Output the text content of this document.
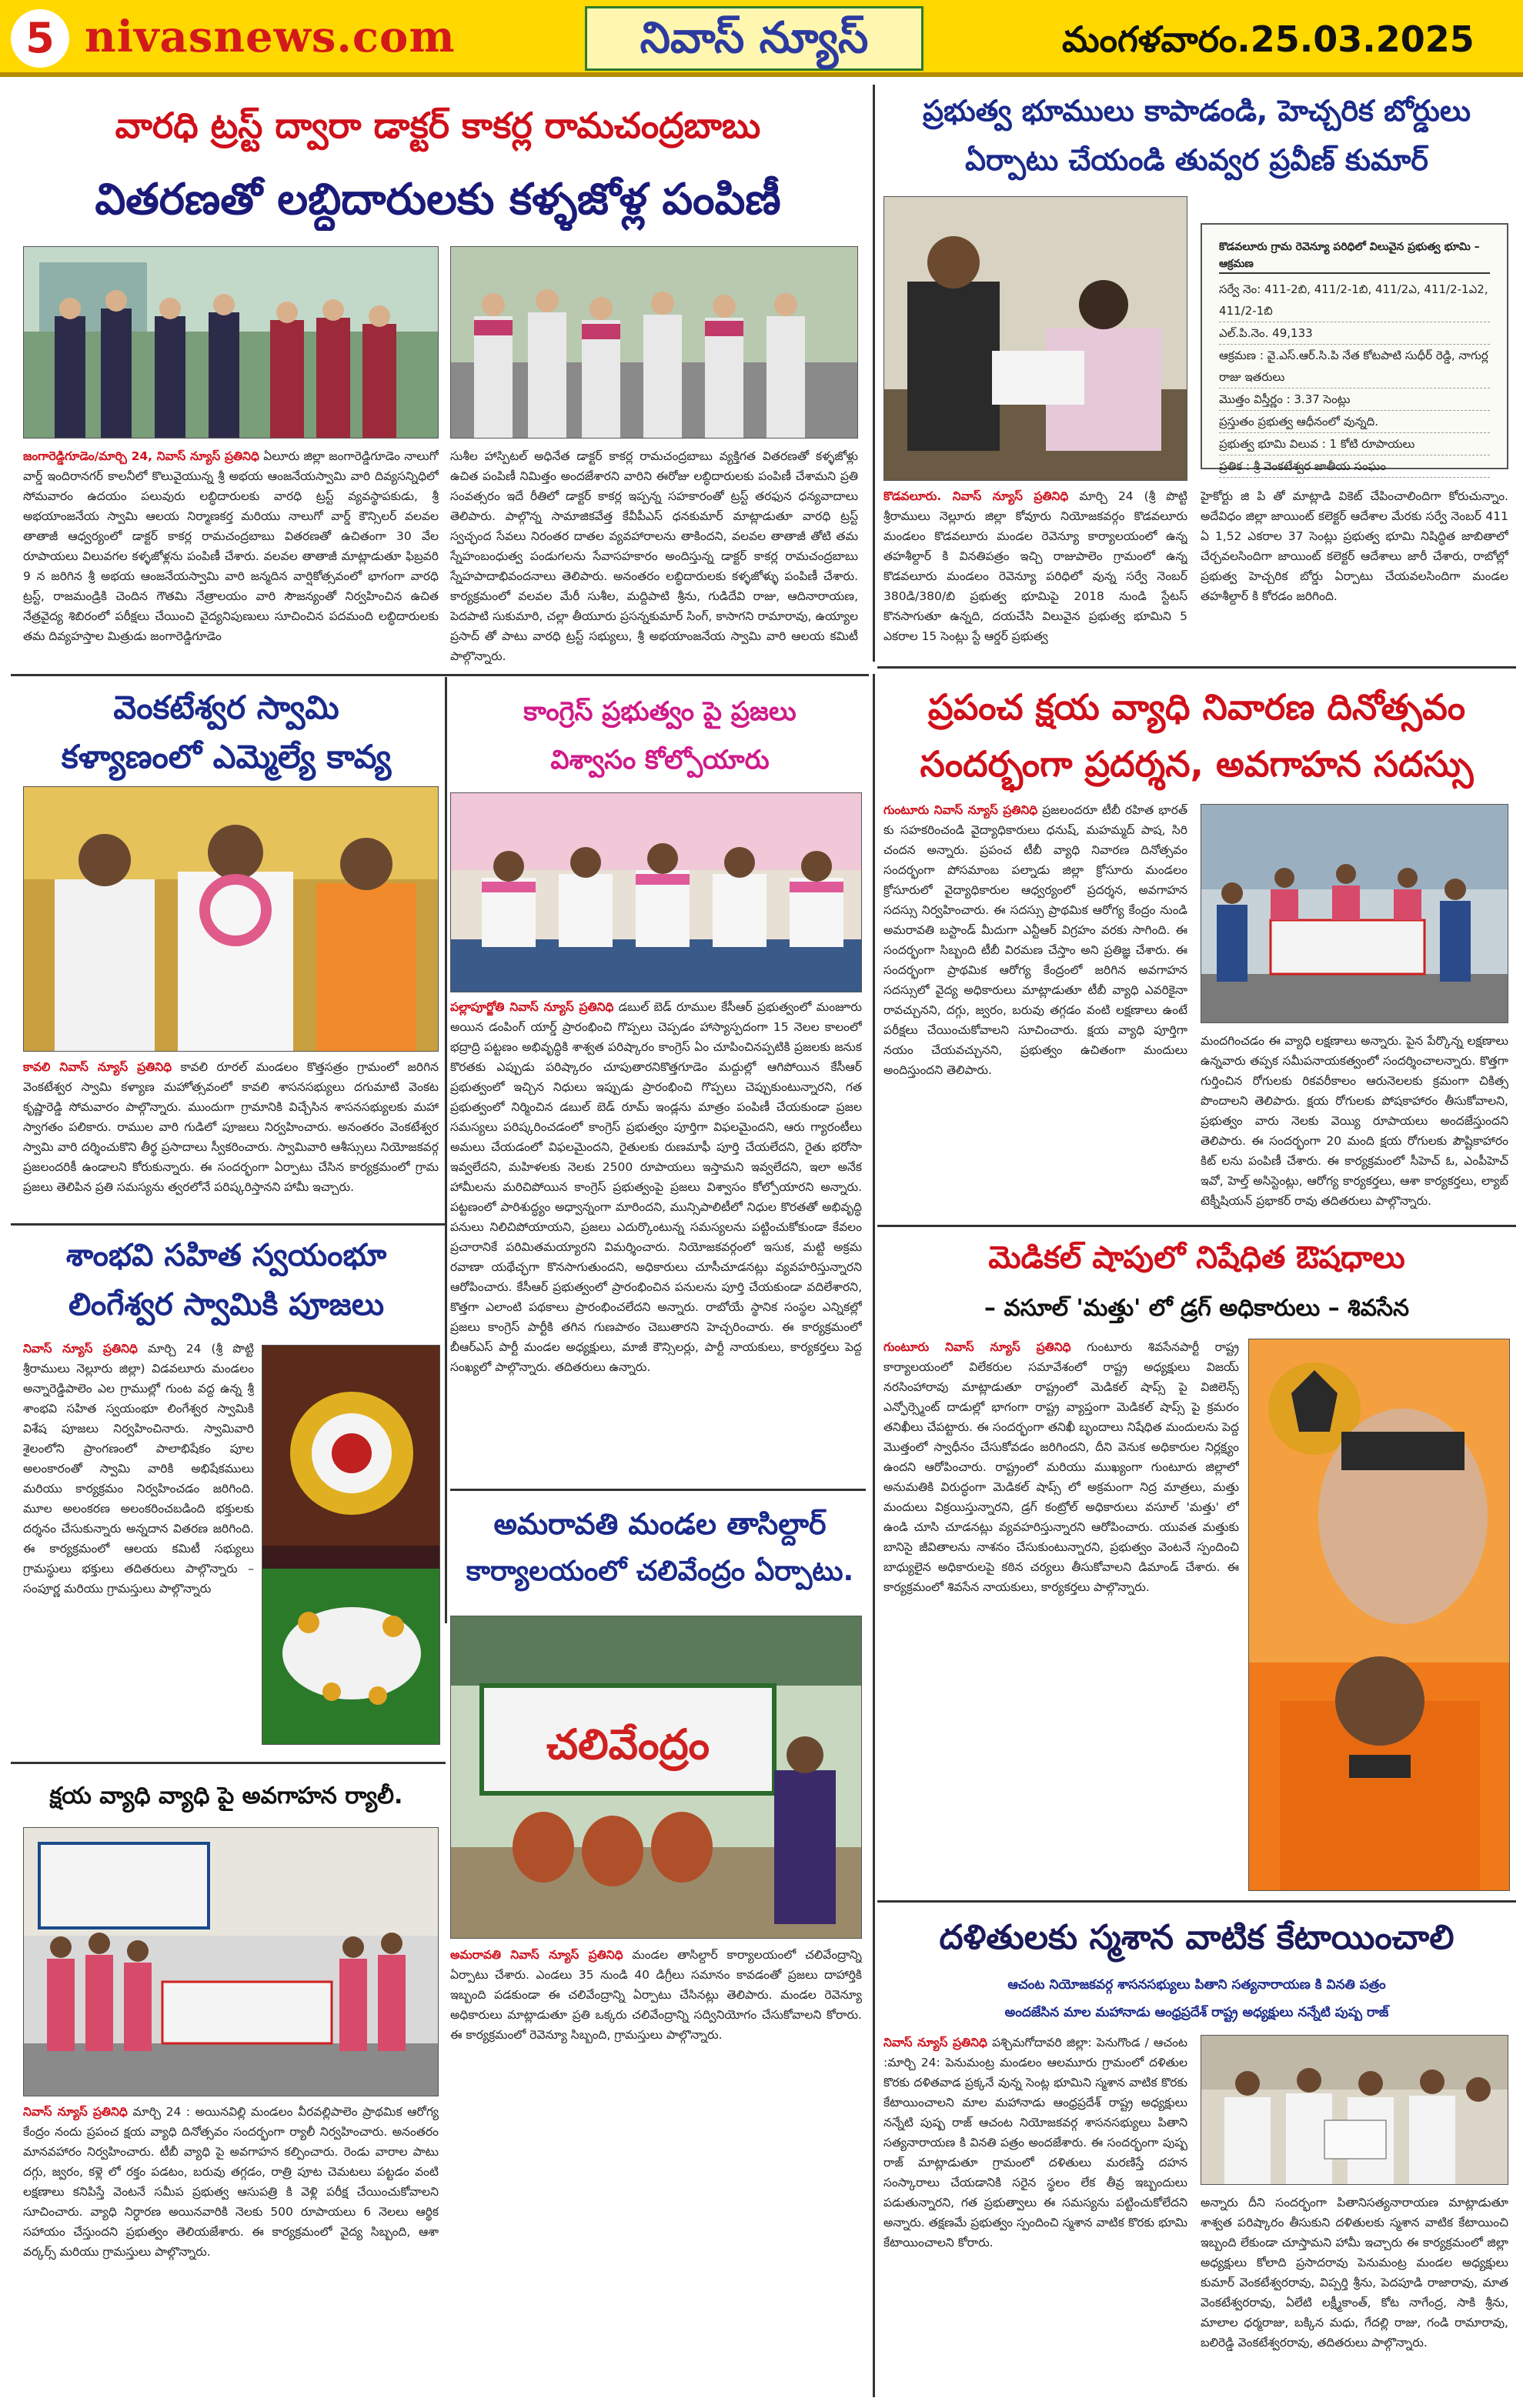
5 nivasnews.com	నివాస్ న్యూస్	మంగళవారం.25.03.2025
వారధి ట్రస్ట్ ద్వారా డాక్టర్ కాకర్ల రామచంద్రబాబు
వితరణతో లబ్ధిదారులకు కళ్ళజోళ్ల పంపిణీ
జంగారెడ్డిగూడెం/మార్చి 24, నివాస్ న్యూస్ ప్రతినిధి ఏలూరు జిల్లా జంగారెడ్డిగూడెం నాలుగో వార్డ్ ఇందిరానగర్ కాలనీలో కొలువైయున్న శ్రీ అభయ ఆంజనేయస్వామి వారి దివ్యసన్నిధిలో సోమవారం ఉదయం పలువురు లబ్ధిదారులకు వారధి ట్రస్ట్ వ్యవస్థాపకుడు, శ్రీ అభయాంజనేయ స్వామి ఆలయ నిర్మాణకర్త మరియు నాలుగో వార్డ్ కౌన్సిలర్ వలవల తాతాజీ ఆధ్వర్యంలో డాక్టర్ కాకర్ల రామచంద్రబాబు వితరణతో ఉచితంగా 30 వేల రూపాయలు విలువగల కళ్ళజోళ్లను పంపిణీ చేశారు. వలవల తాతాజీ మాట్లాడుతూ ఫిబ్రవరి 9 న జరిగిన శ్రీ అభయ ఆంజనేయస్వామి వారి జన్మదిన వార్షికోత్సవంలో భాగంగా వారధి ట్రస్ట్, రాజమండ్రికి చెందిన గౌతమి నేత్రాలయం వారి సౌజన్యంతో నిర్వహించిన ఉచిత నేత్రవైద్య శిబిరంలో పరీక్షలు చేయించి వైద్యనిపుణులు సూచించిన పదమంది లబ్ధిదారులకు తమ దివ్యహస్తాల మిత్రుడు జంగారెడ్డిగూడెం
సుశీల హాస్పిటల్ అధినేత డాక్టర్ కాకర్ల రామచంద్రబాబు వ్యక్తిగత వితరణతో కళ్ళజోళ్లు ఉచిత పంపిణీ నిమిత్తం అందజేశారని వారిని ఈరోజు లబ్ధిదారులకు పంపిణీ చేశామని ప్రతి సంవత్సరం ఇదే రీతిలో డాక్టర్ కాకర్ల ఇప్పన్న సహకారంతో ట్రస్ట్ తరఫున ధన్యవాదాలు తెలిపారు. పాల్గొన్న సామాజికవేత్త కేవీపీఎస్ ధనకుమార్ మాట్లాడుతూ వారధి ట్రస్ట్ స్వచ్ఛంద సేవలు నిరంతర దాతల వ్యవహారాలను తాకిందని, వలవల తాతాజీ తోటి తమ స్నేహంబంధుత్వ పండుగలను సేవాసహకారం అందిస్తున్న డాక్టర్ కాకర్ల రామచంద్రబాబు స్నేహపాదాభివందనాలు తెలిపారు. అనంతరం లబ్ధిదారులకు కళ్ళజోళ్ళు పంపిణీ చేశారు. కార్యక్రమంలో వలవల మేరీ సుశీల, మద్దిపాటి శ్రీను, గుడిదేవి రాజు, ఆదినారాయణ, పెదపాటి సుకుమారి, చల్లా తీయూరు ప్రసన్నకుమార్ సింగ్, కాసాగని రామారావు, ఉయ్యాల ప్రసాద్ తో పాటు వారధి ట్రస్ట్ సభ్యులు, శ్రీ అభయాంజనేయ స్వామి వారి ఆలయ కమిటీ పాల్గొన్నారు.
ప్రభుత్వ భూములు కాపాడండి, హెచ్చరిక బోర్డులు
ఏర్పాటు చేయండి తువ్వర ప్రవీణ్ కుమార్
కొడవలూరు గ్రామ రెవెన్యూ పరిధిలో విలువైన ప్రభుత్వ భూమి – ఆక్రమణ
సర్వే నెం: 411-2బి, 411/2-1బి, 411/2ఎ, 411/2-1ఎ2, 411/2-1బి
ఎల్.పి.నెం. 49,133
ఆక్రమణ : వై.ఎస్.ఆర్.సి.పి నేత కోటపాటి సుధీర్ రెడ్డి, నాగుర్ల రాజు ఇతరులు
మొత్తం విస్తీర్ణం : 3.37 సెంట్లు
ప్రస్తుతం ప్రభుత్వ ఆధీనంలో వున్నది.
ప్రభుత్వ భూమి విలువ : 1 కోటి రూపాయలు
ప్రతిక : శ్రీ వెంకటేశ్వర జాతీయ సంఘం
కొడవలూరు. నివాస్ న్యూస్ ప్రతినిధి మార్చి 24 (శ్రీ పొట్టి శ్రీరాములు నెల్లూరు జిల్లా కోవూరు నియోజకవర్గం కొడవలూరు మండలం కొడవలూరు మండల రెవెన్యూ కార్యాలయంలో ఉన్న తహశీల్దార్ కి వినతిపత్రం ఇచ్చి రాజుపాలెం గ్రామంలో ఉన్న కొడవలూరు మండలం రెవెన్యూ పరిధిలో వున్న సర్వే నెంబర్ 380డి/380/బి ప్రభుత్వ భూమిపై 2018 నుండి స్టేటస్ కొనసాగుతూ ఉన్నది, దయచేసి విలువైన ప్రభుత్వ భూమిని 5 ఎకరాల 15 సెంట్లు స్టే ఆర్డర్ ప్రభుత్వ
హైకోర్టు జి పి తో మాట్లాడి వికెట్ చేపించాలిందిగా కోరుచున్నాం. అదేవిధం జిల్లా జాయింట్ కలెక్టర్ ఆదేశాల మేరకు సర్వే నెంబర్ 411 ఏ 1,52 ఎకరాల 37 సెంట్లు ప్రభుత్వ భూమి నిషిద్ధిత జాబితాలో చేర్చవలసిందిగా జాయింట్ కలెక్టర్ ఆదేశాలు జారీ చేశారు, రాబోల్లో ప్రభుత్వ హెచ్చరిక బోర్డు ఏర్పాటు చేయవలసిందిగా మండల తహశీల్దార్ కి కోరడం జరిగింది.
వెంకటేశ్వర స్వామి
కళ్యాణంలో ఎమ్మెల్యే కావ్య
కావలి నివాస్ న్యూస్ ప్రతినిధి కావలి రూరల్ మండలం కొత్తసత్రం గ్రామంలో జరిగిన వెంకటేశ్వర స్వామి కళ్యాణ మహోత్సవంలో కావలి శాసనసభ్యులు దగుమాటి వెంకట కృష్ణారెడ్డి సోమవారం పాల్గొన్నారు. ముందుగా గ్రామానికి విచ్చేసిన శాసనసభ్యులకు మహా స్వాగతం పలికారు. రాముల వారి గుడిలో పూజలు నిర్వహించారు. అనంతరం వెంకటేశ్వర స్వామి వారి దర్శించుకొని తీర్థ ప్రసాదాలు స్వీకరించారు. స్వామివారి ఆశీస్సులు నియోజకవర్గ ప్రజలందరికీ ఉండాలని కోరుకున్నారు. ఈ సందర్భంగా ఏర్పాటు చేసిన కార్యక్రమంలో గ్రామ ప్రజలు తెలిపిన ప్రతి సమస్యను త్వరలోనే పరిష్కరిస్తానని హామీ ఇచ్చారు.
కాంగ్రెస్ ప్రభుత్వం పై ప్రజలు
విశ్వాసం కోల్పోయారు
పల్లాపూర్జోతి నివాస్ న్యూస్ ప్రతినిధి డబుల్ బెడ్ రూముల కేసీఆర్ ప్రభుత్వంలో మంజూరు అయిన డంపింగ్ యార్డ్ ప్రారంభించి గొప్పలు చెప్పడం హాస్యాస్పదంగా 15 నెలల కాలంలో భద్రాద్రి పట్టణం అభివృద్ధికి శాశ్వత పరిష్కారం కాంగ్రెస్ ఏం చూపించినప్పటికి ప్రజలకు జనుక కొరతకు ఎప్పుడు పరిష్కారం చూపుతారనికొత్తగూడెం మద్దుల్లో ఆగిపోయిన కేసీఆర్ ప్రభుత్వంలో ఇచ్చిన నిధులు ఇప్పుడు ప్రారంభించి గొప్పలు చెప్పుకుంటున్నారని, గత ప్రభుత్వంలో నిర్మించిన డబుల్ బెడ్ రూమ్ ఇండ్లను మాత్రం పంపిణీ చేయకుండా ప్రజల సమస్యలు పరిష్కరించడంలో కాంగ్రెస్ ప్రభుత్వం పూర్తిగా విఫలమైందని, ఆరు గ్యారంటీలు అమలు చేయడంలో విఫలమైందని, రైతులకు రుణమాఫీ పూర్తి చేయలేదని, రైతు భరోసా ఇవ్వలేదని, మహిళలకు నెలకు 2500 రూపాయలు ఇస్తామని ఇవ్వలేదని, ఇలా అనేక హామీలను మరిచిపోయిన కాంగ్రెస్ ప్రభుత్వంపై ప్రజలు విశ్వాసం కోల్పోయారని అన్నారు. పట్టణంలో పారిశుద్ధ్యం అధ్వాన్నంగా మారిందని, మున్సిపాలిటీలో నిధుల కొరతతో అభివృద్ధి పనులు నిలిచిపోయాయని, ప్రజలు ఎదుర్కొంటున్న సమస్యలను పట్టించుకోకుండా కేవలం ప్రచారానికే పరిమితమయ్యారని విమర్శించారు. నియోజకవర్గంలో ఇసుక, మట్టి అక్రమ రవాణా యథేచ్ఛగా కొనసాగుతుందని, అధికారులు చూసీచూడనట్లు వ్యవహరిస్తున్నారని ఆరోపించారు. కేసీఆర్ ప్రభుత్వంలో ప్రారంభించిన పనులను పూర్తి చేయకుండా వదిలేశారని, కొత్తగా ఎలాంటి పథకాలు ప్రారంభించలేదని అన్నారు. రాబోయే స్థానిక సంస్థల ఎన్నికల్లో ప్రజలు కాంగ్రెస్ పార్టీకి తగిన గుణపాఠం చెబుతారని హెచ్చరించారు. ఈ కార్యక్రమంలో బీఆర్ఎస్ పార్టీ మండల అధ్యక్షులు, మాజీ కౌన్సిలర్లు, పార్టీ నాయకులు, కార్యకర్తలు పెద్ద సంఖ్యలో పాల్గొన్నారు. తదితరులు ఉన్నారు.
శాంభవి సహిత స్వయంభూ
లింగేశ్వర స్వామికి పూజలు
నివాస్ న్యూస్ ప్రతినిధి మార్చి 24 (శ్రీ పొట్టి శ్రీరాములు నెల్లూరు జిల్లా) విడవలూరు మండలం అన్నారెడ్డిపాలెం ఎల గ్రాముల్లో గుంట వద్ద ఉన్న శ్రీ శాంభవి సహిత స్వయంభూ లింగేశ్వర స్వామికి విశేష పూజలు నిర్వహించినారు. స్వామివారి శైలంలోని ప్రాంగణంలో పాలాభిషేకం పూల అలంకారంతో స్వామి వారికి అభిషేకములు మరియు కార్యక్రమం నిర్వహించడం జరిగింది. మూల అలంకరణ అలంకరించబడింది భక్తులకు దర్శనం చేసుకున్నారు అన్నదాన వితరణ జరిగింది. ఈ కార్యక్రమంలో ఆలయ కమిటీ సభ్యులు గ్రామస్థులు భక్తులు తదితరులు పాల్గొన్నారు – సంపూర్ణ మరియు గ్రామస్తులు పాల్గొన్నారు
క్షయ వ్యాధి వ్యాధి పై అవగాహన ర్యాలీ.
నివాస్ న్యూస్ ప్రతినిధి మార్చి 24 : అయినవిల్లి మండలం వీరవల్లిపాలెం ప్రాథమిక ఆరోగ్య కేంద్రం నందు ప్రపంచ క్షయ వ్యాధి దినోత్సవం సందర్భంగా ర్యాలీ నిర్వహించారు. అనంతరం మానవహారం నిర్వహించారు. టీబీ వ్యాధి పై అవగాహన కల్పించారు. రెండు వారాల పాటు దగ్గు, జ్వరం, కళ్లె లో రక్తం పడటం, బరువు తగ్గడం, రాత్రి పూట చెమటలు పట్టడం వంటి లక్షణాలు కనిపిస్తే వెంటనే సమీప ప్రభుత్వ ఆసుపత్రి కి వెళ్లి పరీక్ష చేయించుకోవాలని సూచించారు. వ్యాధి నిర్ధారణ అయినవారికి నెలకు 500 రూపాయలు 6 నెలలు ఆర్థిక సహాయం చేస్తుందని ప్రభుత్వం తెలియజేశారు. ఈ కార్యక్రమంలో వైద్య సిబ్బంది, ఆశా వర్కర్స్ మరియు గ్రామస్తులు పాల్గొన్నారు.
అమరావతి మండల తాసిల్దార్
కార్యాలయంలో చలివేంద్రం ఏర్పాటు.
చలివేంద్రం
అమరావతి నివాస్ న్యూస్ ప్రతినిధి మండల తాసిల్దార్ కార్యాలయంలో చలివేంద్రాన్ని ఏర్పాటు చేశారు. ఎండలు 35 నుండి 40 డిగ్రీలు సమానం కావడంతో ప్రజలు దాహార్తికి ఇబ్బంది పడకుండా ఈ చలివేంద్రాన్ని ఏర్పాటు చేసినట్లు తెలిపారు. మండల రెవెన్యూ అధికారులు మాట్లాడుతూ ప్రతి ఒక్కరు చలివేంద్రాన్ని సద్వినియోగం చేసుకోవాలని కోరారు. ఈ కార్యక్రమంలో రెవెన్యూ సిబ్బంది, గ్రామస్తులు పాల్గొన్నారు.
ప్రపంచ క్షయ వ్యాధి నివారణ దినోత్సవం
సందర్భంగా ప్రదర్శన, అవగాహన సదస్సు
గుంటూరు నివాస్ న్యూస్ ప్రతినిధి ప్రజలందరూ టీబీ రహిత భారత్ కు సహకరించండి వైద్యాధికారులు ధనుష్, మహమ్మద్ పాష, సిరి చందన అన్నారు. ప్రపంచ టీబీ వ్యాధి నివారణ దినోత్సవం సందర్భంగా పోసమాంబ పల్నాడు జిల్లా క్రోసూరు మండలం క్రోసూరులో వైద్యాధికారుల ఆధ్వర్యంలో ప్రదర్శన, అవగాహన సదస్సు నిర్వహించారు. ఈ సదస్సు ప్రాథమిక ఆరోగ్య కేంద్రం నుండి అమరావతి బస్టాండ్ మీదుగా ఎన్టీఆర్ విగ్రహం వరకు సాగింది. ఈ సందర్భంగా సిబ్బంది టీబీ విరమణ చేస్తాం అని ప్రతిజ్ఞ చేశారు. ఈ సందర్భంగా ప్రాథమిక ఆరోగ్య కేంద్రంలో జరిగిన అవగాహన సదస్సులో వైద్య అధికారులు మాట్లాడుతూ టీబీ వ్యాధి ఎవరికైనా రావచ్చునని, దగ్గు, జ్వరం, బరువు తగ్గడం వంటి లక్షణాలు ఉంటే పరీక్షలు చేయించుకోవాలని సూచించారు. క్షయ వ్యాధి పూర్తిగా నయం చేయవచ్చునని, ప్రభుత్వం ఉచితంగా మందులు అందిస్తుందని తెలిపారు.
మందగించడం ఈ వ్యాధి లక్షణాలు అన్నారు. పైన పేర్కొన్న లక్షణాలు ఉన్నవారు తప్పక సమీపనాయకత్వంలో సందర్శించాలన్నారు. కొత్తగా గుర్తించిన రోగులకు రికవరీకాలం ఆరునెలలకు క్రమంగా చికిత్స పొందాలని తెలిపారు. క్షయ రోగులకు పోషకాహారం తీసుకోవాలని, ప్రభుత్వం వారు నెలకు వెయ్యి రూపాయలు అందజేస్తుందని తెలిపారు. ఈ సందర్భంగా 20 మంది క్షయ రోగులకు పౌష్టికాహారం కిట్ లను పంపిణీ చేశారు. ఈ కార్యక్రమంలో సీహెచ్ ఓ, ఎంపీహెచ్ ఇవో, హెల్త్ అసిస్టెంట్లు, ఆరోగ్య కార్యకర్తలు, ఆశా కార్యకర్తలు, ల్యాబ్ టెక్నీషియన్ ప్రభాకర్ రావు తదితరులు పాల్గొన్నారు.
మెడికల్ షాపులో నిషేధిత ఔషధాలు
– వసూల్ 'మత్తు' లో డ్రగ్ అధికారులు – శివసేన
గుంటూరు నివాస్ న్యూస్ ప్రతినిధి గుంటూరు శివసేనపార్టీ రాష్ట్ర కార్యాలయంలో విలేకరుల సమావేశంలో రాష్ట్ర అధ్యక్షులు విజయ్ నరసింహారావు మాట్లాడుతూ రాష్ట్రంలో మెడికల్ షాప్స్ పై విజిలెన్స్ ఎన్ఫోర్స్మెంట్ దాడుల్లో భాగంగా రాష్ట్ర వ్యాప్తంగా మెడికల్ షాప్స్ పై క్రమరం తనిఖీలు చేపట్టారు. ఈ సందర్భంగా తనిఖీ బృందాలు నిషేధిత మందులను పెద్ద మొత్తంలో స్వాధీనం చేసుకోవడం జరిగిందని, దీని వెనుక అధికారుల నిర్లక్ష్యం ఉందని ఆరోపించారు. రాష్ట్రంలో మరియు ముఖ్యంగా గుంటూరు జిల్లాలో అనుమతికి విరుద్ధంగా మెడికల్ షాప్స్ లో అక్రమంగా నిద్ర మాత్రలు, మత్తు మందులు విక్రయిస్తున్నారని, డ్రగ్ కంట్రోల్ అధికారులు వసూల్ 'మత్తు' లో ఉండి చూసి చూడనట్లు వ్యవహరిస్తున్నారని ఆరోపించారు. యువత మత్తుకు బానిసై జీవితాలను నాశనం చేసుకుంటున్నారని, ప్రభుత్వం వెంటనే స్పందించి బాధ్యులైన అధికారులపై కఠిన చర్యలు తీసుకోవాలని డిమాండ్ చేశారు. ఈ కార్యక్రమంలో శివసేన నాయకులు, కార్యకర్తలు పాల్గొన్నారు.
దళితులకు స్మశాన వాటిక కేటాయించాలి
ఆచంట నియోజకవర్గ శాసనసభ్యులు పితాని సత్యనారాయణ కి వినతి పత్రం
అందజేసిన మాల మహానాడు ఆంధ్రప్రదేశ్ రాష్ట్ర అధ్యక్షులు నన్నేటి పుష్ప రాజ్
నివాస్ న్యూస్ ప్రతినిధి పశ్చిమగోదావరి జిల్లా: పెనుగొండ / ఆచంట :మార్చి 24: పెనుమంట్ర మండలం ఆలమూరు గ్రామంలో దళితుల కొరకు దళితవాడ ప్రక్కనే వున్న సెంట్ల భూమిని స్మశాన వాటిక కొరకు కేటాయించాలని మాల మహానాడు ఆంధ్రప్రదేశ్ రాష్ట్ర అధ్యక్షులు నన్నేటి పుష్ప రాజ్ ఆచంట నియోజకవర్గ శాసనసభ్యులు పితాని సత్యనారాయణ కి వినతి పత్రం అందజేశారు. ఈ సందర్భంగా పుష్ప రాజ్ మాట్లాడుతూ గ్రామంలో దళితులు మరణిస్తే దహన సంస్కారాలు చేయడానికి సరైన స్థలం లేక తీవ్ర ఇబ్బందులు పడుతున్నారని, గత ప్రభుత్వాలు ఈ సమస్యను పట్టించుకోలేదని అన్నారు. తక్షణమే ప్రభుత్వం స్పందించి స్మశాన వాటిక కొరకు భూమి కేటాయించాలని కోరారు.
అన్నారు దీని సందర్భంగా పితానిసత్యనారాయణ మాట్లాడుతూ శాశ్వత పరిష్కారం తీసుకుని దళితులకు స్మశాన వాటిక కేటాయించి ఇబ్బంది లేకుండా చూస్తామని హామీ ఇచ్చారు ఈ కార్యక్రమంలో జిల్లా అధ్యక్షులు కోలాది ప్రసాదరావు పెనుమంట్ర మండల అధ్యక్షులు కుమార్ వెంకటేశ్వరరావు, విప్పర్తి శ్రీను, పెదపూడి రాజారావు, మాత వెంకటేశ్వరరావు, ఏలేటి లక్ష్మీకాంత్, కోట నాగేంద్ర, సాకి శ్రీను, మాలాల ధర్మరాజు, బక్కిన మధు, గేదల్లి రాజు, గండి రామారావు, బలిరెడ్డి వెంకటేశ్వరరావు, తదితరులు పాల్గొన్నారు.
